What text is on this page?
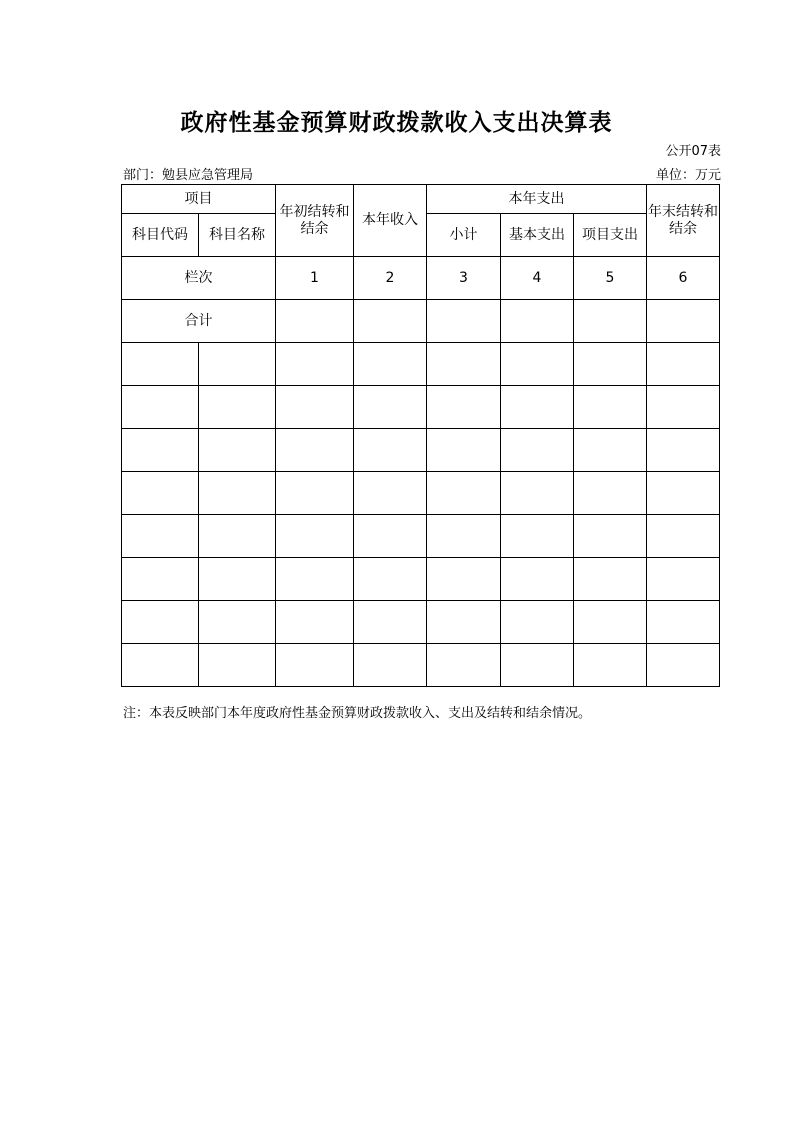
政府性基金预算财政拨款收入支出决算表
公开07表
部门：勉县应急管理局	单位：万元
项目		年初结转和结余	本年收入	本年支出			年末结转和结余
科目代码	科目名称			小计	基本支出	项目支出	
栏次		1	2	3	4	5	6
合计							

注：本表反映部门本年度政府性基金预算财政拨款收入、支出及结转和结余情况。
